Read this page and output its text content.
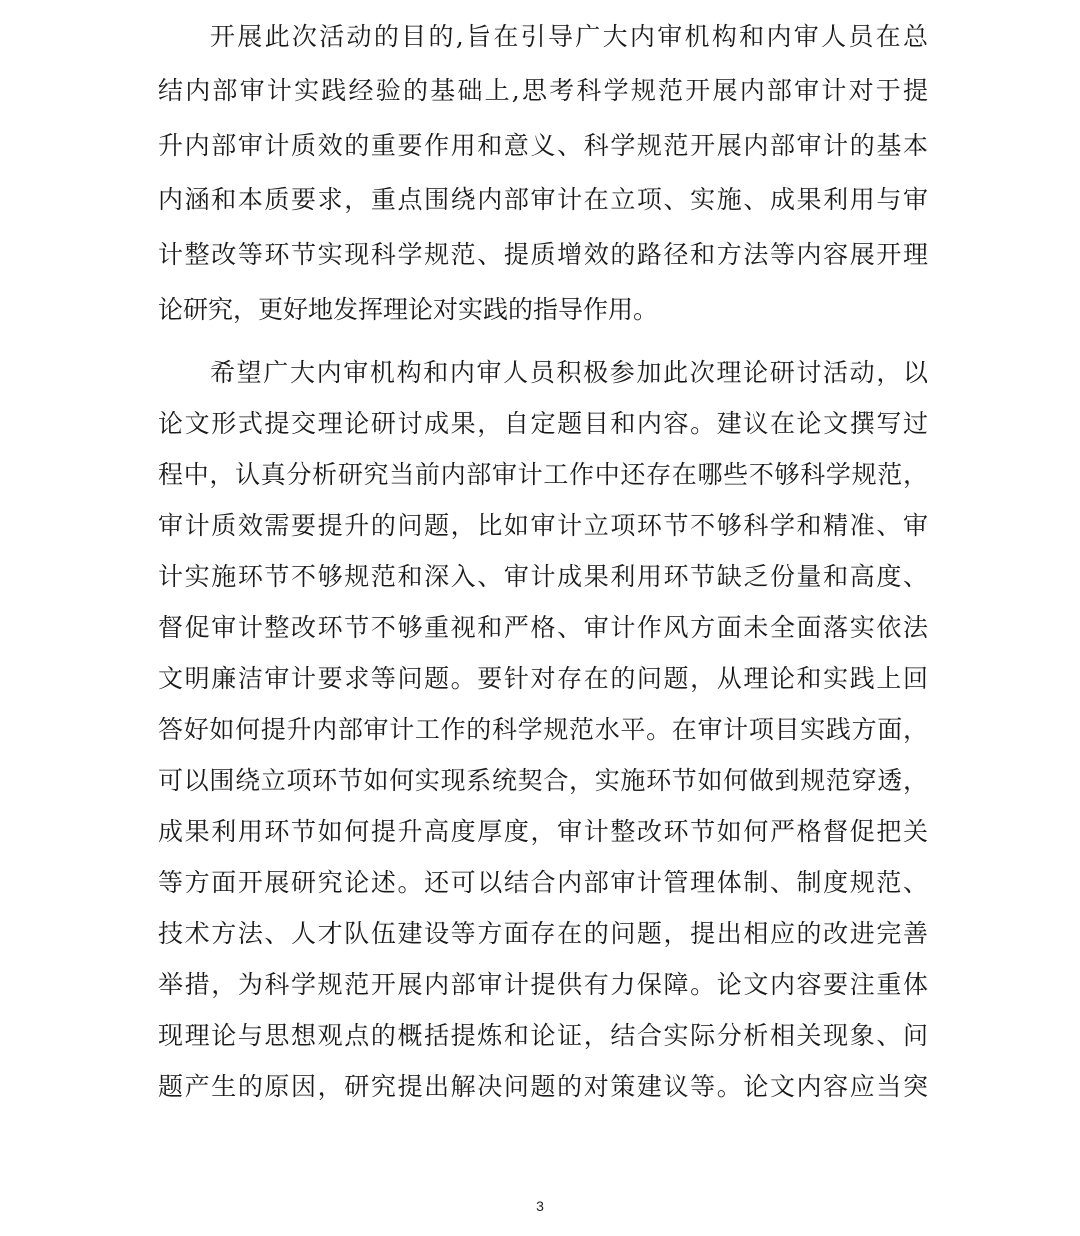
开展此次活动的目的,旨在引导广大内审机构和内审人员在总
结内部审计实践经验的基础上,思考科学规范开展内部审计对于提
升内部审计质效的重要作用和意义、科学规范开展内部审计的基本
内涵和本质要求，重点围绕内部审计在立项、实施、成果利用与审
计整改等环节实现科学规范、提质增效的路径和方法等内容展开理
论研究，更好地发挥理论对实践的指导作用。
希望广大内审机构和内审人员积极参加此次理论研讨活动，以
论文形式提交理论研讨成果，自定题目和内容。建议在论文撰写过
程中，认真分析研究当前内部审计工作中还存在哪些不够科学规范，
审计质效需要提升的问题，比如审计立项环节不够科学和精准、审
计实施环节不够规范和深入、审计成果利用环节缺乏份量和高度、
督促审计整改环节不够重视和严格、审计作风方面未全面落实依法
文明廉洁审计要求等问题。要针对存在的问题，从理论和实践上回
答好如何提升内部审计工作的科学规范水平。在审计项目实践方面，
可以围绕立项环节如何实现系统契合，实施环节如何做到规范穿透，
成果利用环节如何提升高度厚度，审计整改环节如何严格督促把关
等方面开展研究论述。还可以结合内部审计管理体制、制度规范、
技术方法、人才队伍建设等方面存在的问题，提出相应的改进完善
举措，为科学规范开展内部审计提供有力保障。论文内容要注重体
现理论与思想观点的概括提炼和论证，结合实际分析相关现象、问
题产生的原因，研究提出解决问题的对策建议等。论文内容应当突
3
